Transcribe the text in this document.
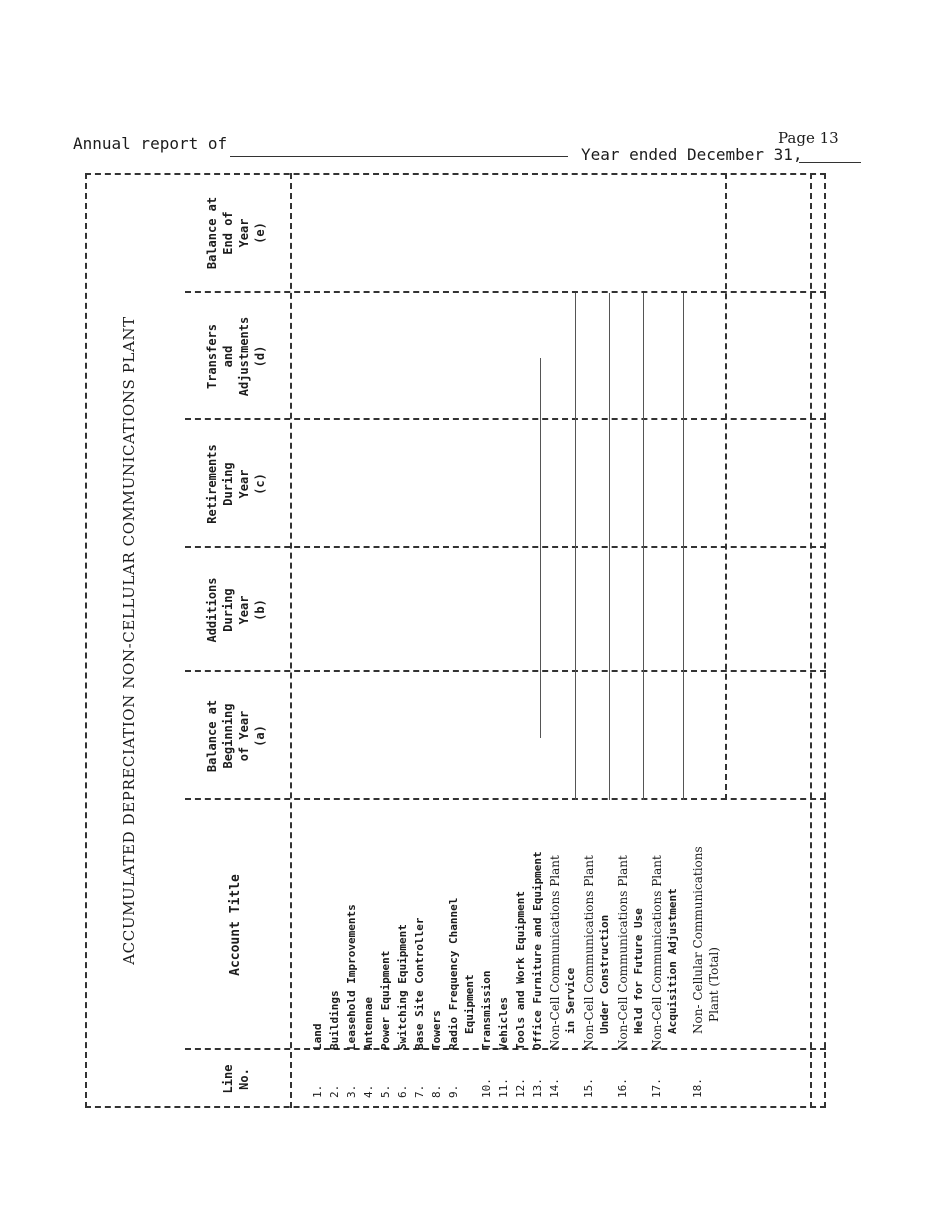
Annual report of
Year ended December 31,
Page 13
ACCUMULATED DEPRECIATION NON-CELLULAR COMMUNICATIONS PLANT
Line No.
Account Title
Balance at Beginning of Year (a)
Additions During Year (b)
Retirements During Year (c)
Transfers and Adjustments (d)
Balance at End of Year (e)
1. 2. 3. 4. 5. 6. 7. 8. 9. 10. 11. 12. 13. 14. 15. 16. 17.	18.
Land Buildings Leasehold Improvements Antennae Power Equipment Switching Equipment Base Site Controller Towers Radio Frequency Channel Equipment Transmission Vehicles Tools and Work Equipment Office Furniture and Equipment Non-Cell Communications Plant in Service Non-Cell Communications Plant Under Construction Non-Cell Communications Plant Held for Future Use Non-Cell Communications Plant Acquisition Adjustment Non- Cellular Communications Plant (Total)
